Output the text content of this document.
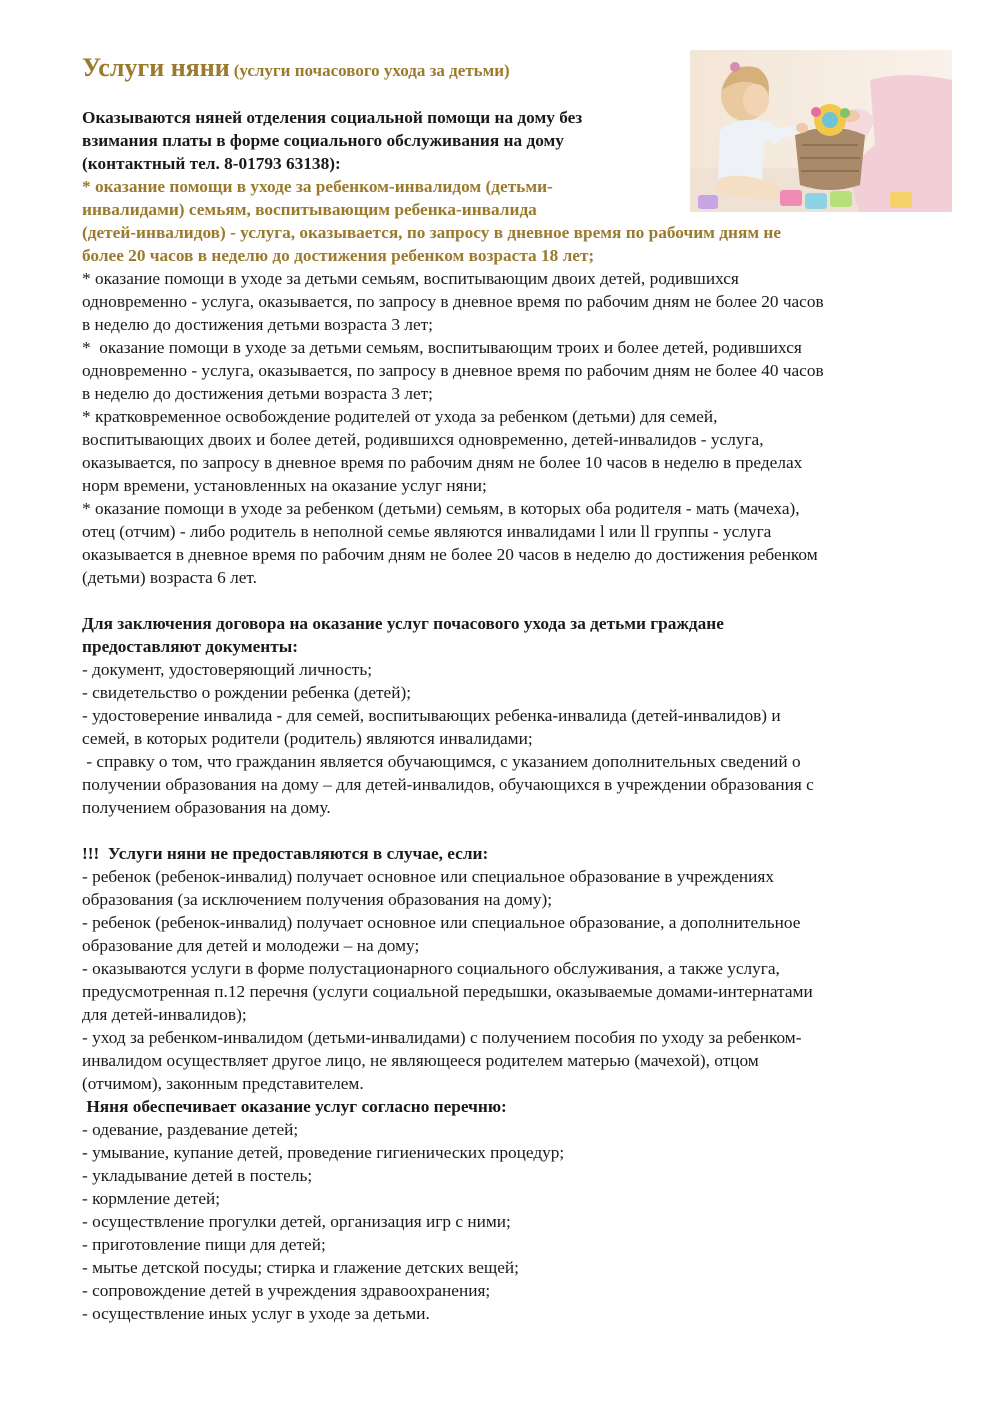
Услуги няни (услуги почасового ухода за детьми)

Оказываются няней отделения социальной помощи на дому без

взимания платы в форме социального обслуживания на дому

(контактный тел. 8-01793 63138):

* оказание помощи в уходе за ребенком-инвалидом (детьми-

инвалидами) семьям, воспитывающим ребенка-инвалида

(детей-инвалидов) - услуга, оказывается, по запросу в дневное время по рабочим дням не

более 20 часов в неделю до достижения ребенком возраста 18 лет;

* оказание помощи в уходе за детьми семьям, воспитывающим двоих детей, родившихся

одновременно - услуга, оказывается, по запросу в дневное время по рабочим дням не более 20 часов

в неделю до достижения детьми возраста 3 лет;

*  оказание помощи в уходе за детьми семьям, воспитывающим троих и более детей, родившихся

одновременно - услуга, оказывается, по запросу в дневное время по рабочим дням не более 40 часов

в неделю до достижения детьми возраста 3 лет;

* кратковременное освобождение родителей от ухода за ребенком (детьми) для семей,

воспитывающих двоих и более детей, родившихся одновременно, детей-инвалидов - услуга,

оказывается, по запросу в дневное время по рабочим дням не более 10 часов в неделю в пределах

норм времени, установленных на оказание услуг няни;

* оказание помощи в уходе за ребенком (детьми) семьям, в которых оба родителя - мать (мачеха),

отец (отчим) - либо родитель в неполной семье являются инвалидами l или ll группы - услуга

оказывается в дневное время по рабочим дням не более 20 часов в неделю до достижения ребенком

(детьми) возраста 6 лет.

Для заключения договора на оказание услуг почасового ухода за детьми граждане

предоставляют документы:

- документ, удостоверяющий личность;

- свидетельство о рождении ребенка (детей);

- удостоверение инвалида - для семей, воспитывающих ребенка-инвалида (детей-инвалидов) и

семей, в которых родители (родитель) являются инвалидами;

- справку о том, что гражданин является обучающимся, с указанием дополнительных сведений о

получении образования на дому – для детей-инвалидов, обучающихся в учреждении образования с

получением образования на дому.

!!!  Услуги няни не предоставляются в случае, если:

- ребенок (ребенок-инвалид) получает основное или специальное образование в учреждениях

образования (за исключением получения образования на дому);

- ребенок (ребенок-инвалид) получает основное или специальное образование, а дополнительное

образование для детей и молодежи – на дому;

- оказываются услуги в форме полустационарного социального обслуживания, а также услуга,

предусмотренная п.12 перечня (услуги социальной передышки, оказываемые домами-интернатами

для детей-инвалидов);

- уход за ребенком-инвалидом (детьми-инвалидами) с получением пособия по уходу за ребенком-

инвалидом осуществляет другое лицо, не являющееся родителем матерью (мачехой), отцом

(отчимом), законным представителем.

Няня обеспечивает оказание услуг согласно перечню:

- одевание, раздевание детей;

- умывание, купание детей, проведение гигиенических процедур;

- укладывание детей в постель;

- кормление детей;

- осуществление прогулки детей, организация игр с ними;

- приготовление пищи для детей;

- мытье детской посуды; стирка и глажение детских вещей;

- сопровождение детей в учреждения здравоохранения;

- осуществление иных услуг в уходе за детьми.
